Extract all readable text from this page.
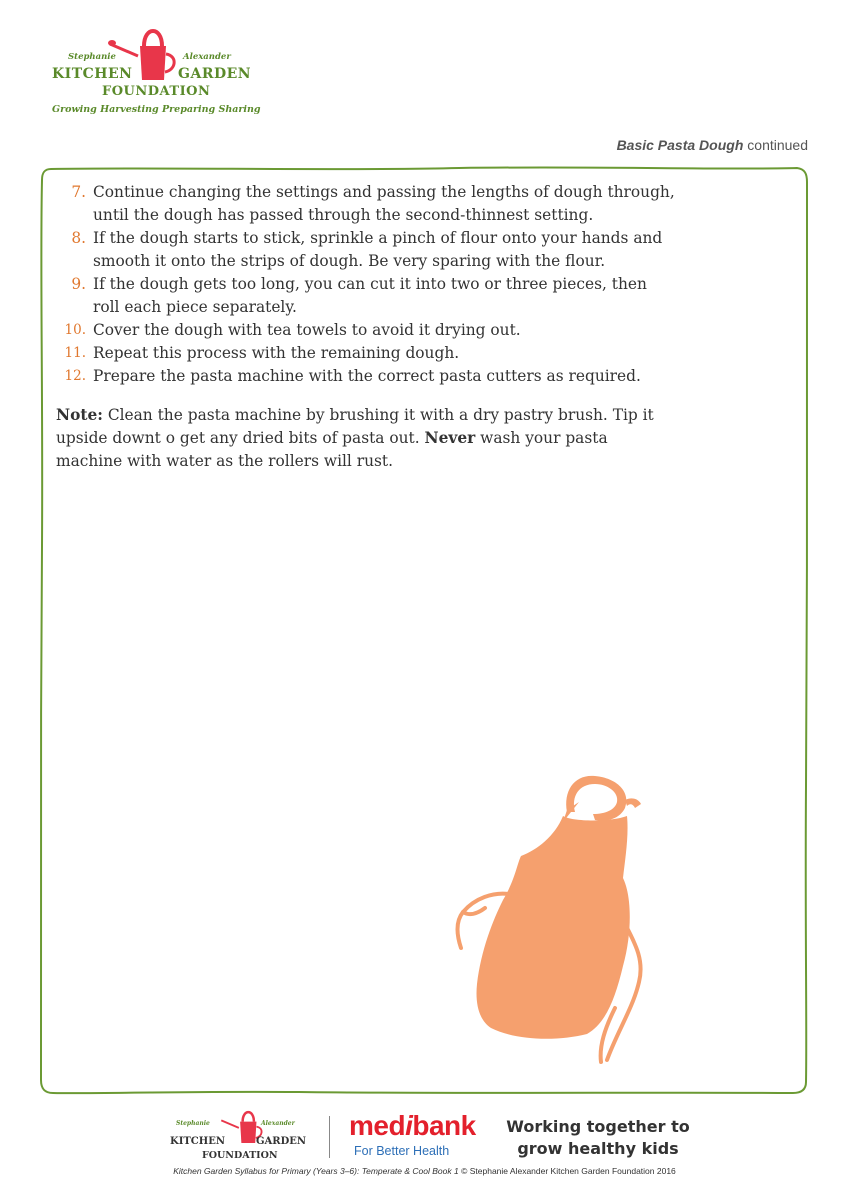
Stephanie	Alexander
KITCHEN	GARDEN
FOUNDATION
Growing Harvesting Preparing Sharing
Basic Pasta Dough continued
7. Continue changing the settings and passing the lengths of dough through, until the dough has passed through the second-thinnest setting.
8. If the dough starts to stick, sprinkle a pinch of flour onto your hands and smooth it onto the strips of dough. Be very sparing with the flour.
9. If the dough gets too long, you can cut it into two or three pieces, then roll each piece separately.
10. Cover the dough with tea towels to avoid it drying out.
11. Repeat this process with the remaining dough.
12. Prepare the pasta machine with the correct pasta cutters as required.

Note: Clean the pasta machine by brushing it with a dry pastry brush. Tip it upside downt o get any dried bits of pasta out. Never wash your pasta machine with water as the rollers will rust.

Stephanie	Alexander
KITCHEN	GARDEN
FOUNDATION
medibank
For Better Health
Working together to grow healthy kids
Kitchen Garden Syllabus for Primary (Years 3–6): Temperate & Cool Book 1 © Stephanie Alexander Kitchen Garden Foundation 2016
